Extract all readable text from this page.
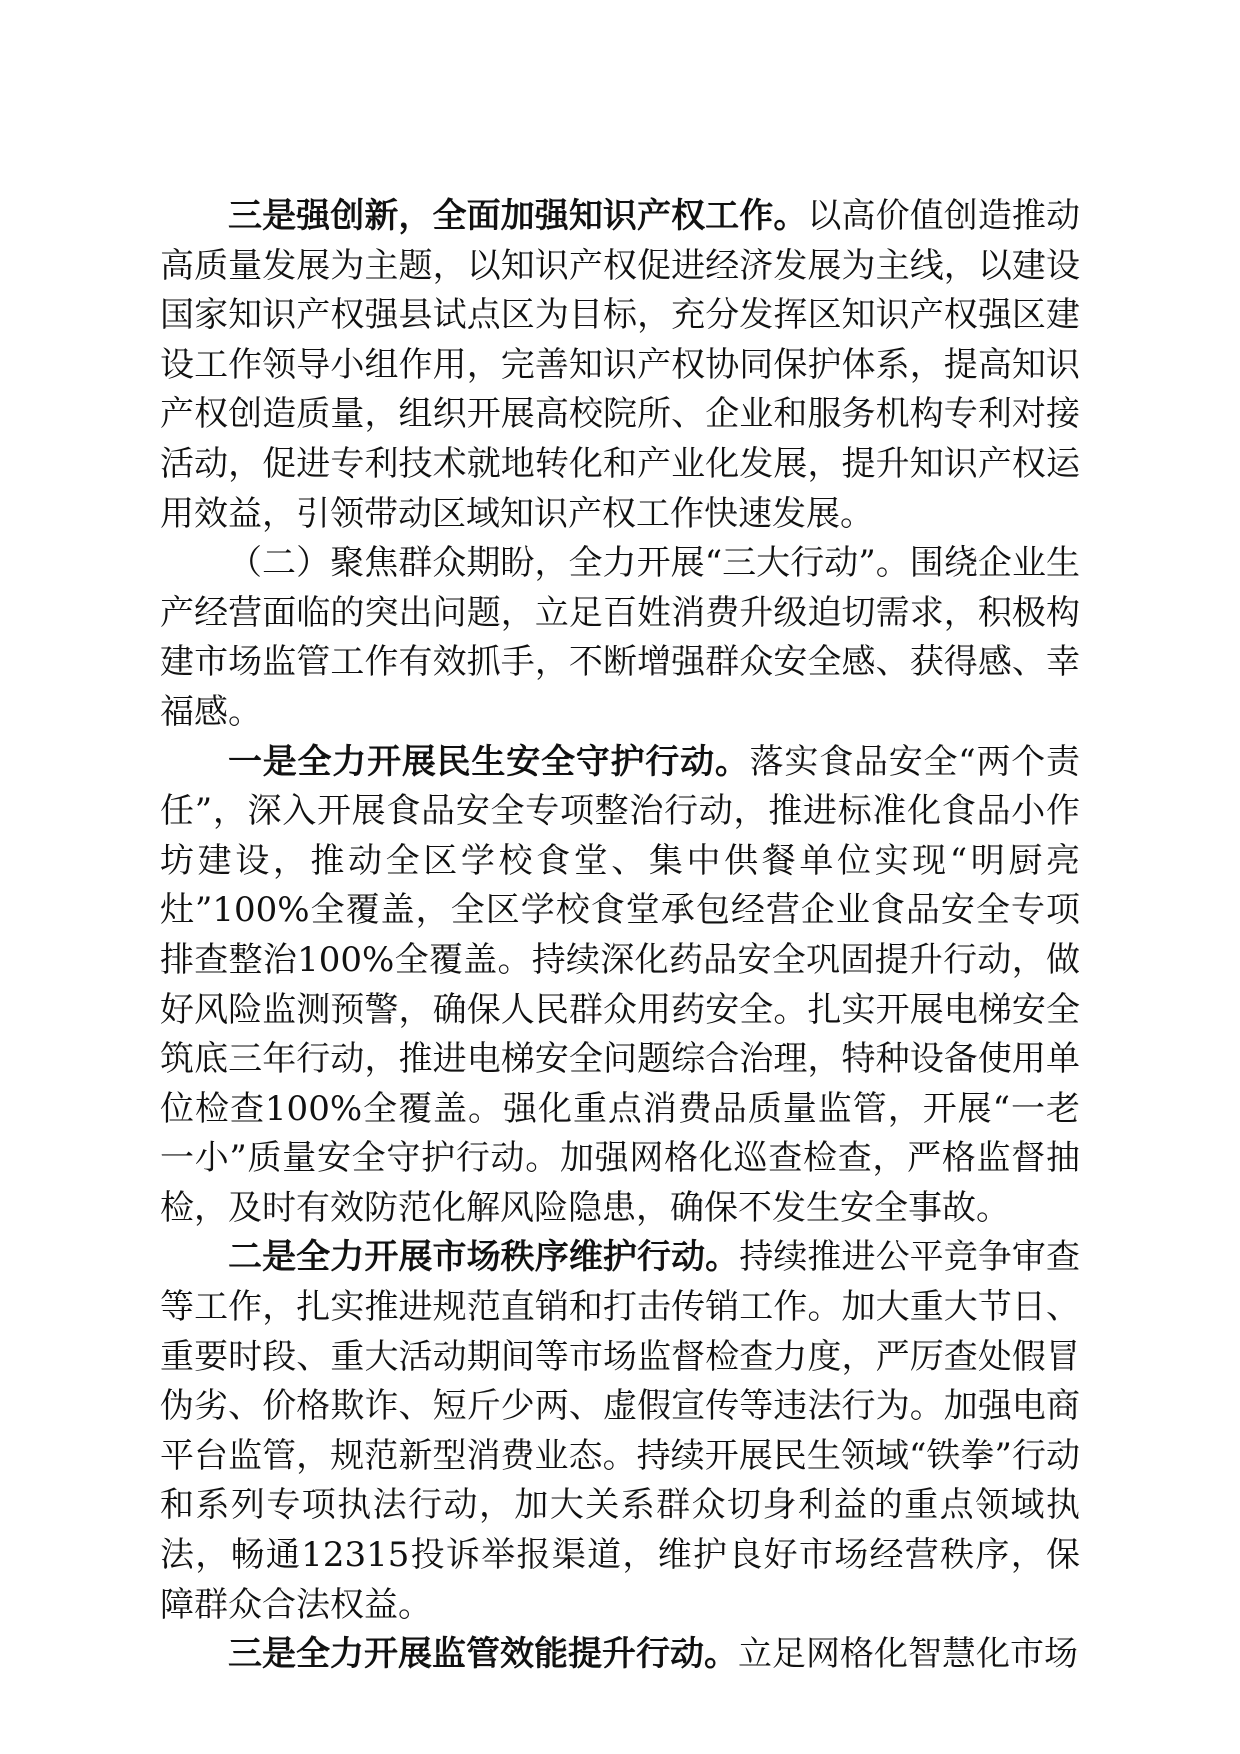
三是强创新，全面加强知识产权工作。以高价值创造推动高质量发展为主题，以知识产权促进经济发展为主线，以建设国家知识产权强县试点区为目标，充分发挥区知识产权强区建设工作领导小组作用，完善知识产权协同保护体系，提高知识产权创造质量，组织开展高校院所、企业和服务机构专利对接活动，促进专利技术就地转化和产业化发展，提升知识产权运用效益，引领带动区域知识产权工作快速发展。

（二）聚焦群众期盼，全力开展“三大行动”。围绕企业生产经营面临的突出问题，立足百姓消费升级迫切需求，积极构建市场监管工作有效抓手，不断增强群众安全感、获得感、幸福感。

一是全力开展民生安全守护行动。落实食品安全“两个责任”，深入开展食品安全专项整治行动，推进标准化食品小作坊建设，推动全区学校食堂、集中供餐单位实现“明厨亮灶”100%全覆盖，全区学校食堂承包经营企业食品安全专项排查整治100%全覆盖。持续深化药品安全巩固提升行动，做好风险监测预警，确保人民群众用药安全。扎实开展电梯安全筑底三年行动，推进电梯安全问题综合治理，特种设备使用单位检查100%全覆盖。强化重点消费品质量监管，开展“一老一小”质量安全守护行动。加强网格化巡查检查，严格监督抽检，及时有效防范化解风险隐患，确保不发生安全事故。

二是全力开展市场秩序维护行动。持续推进公平竞争审查等工作，扎实推进规范直销和打击传销工作。加大重大节日、重要时段、重大活动期间等市场监督检查力度，严厉查处假冒伪劣、价格欺诈、短斤少两、虚假宣传等违法行为。加强电商平台监管，规范新型消费业态。持续开展民生领域“铁拳”行动和系列专项执法行动，加大关系群众切身利益的重点领域执法，畅通12315投诉举报渠道，维护良好市场经营秩序，保障群众合法权益。

三是全力开展监管效能提升行动。立足网格化智慧化市场
